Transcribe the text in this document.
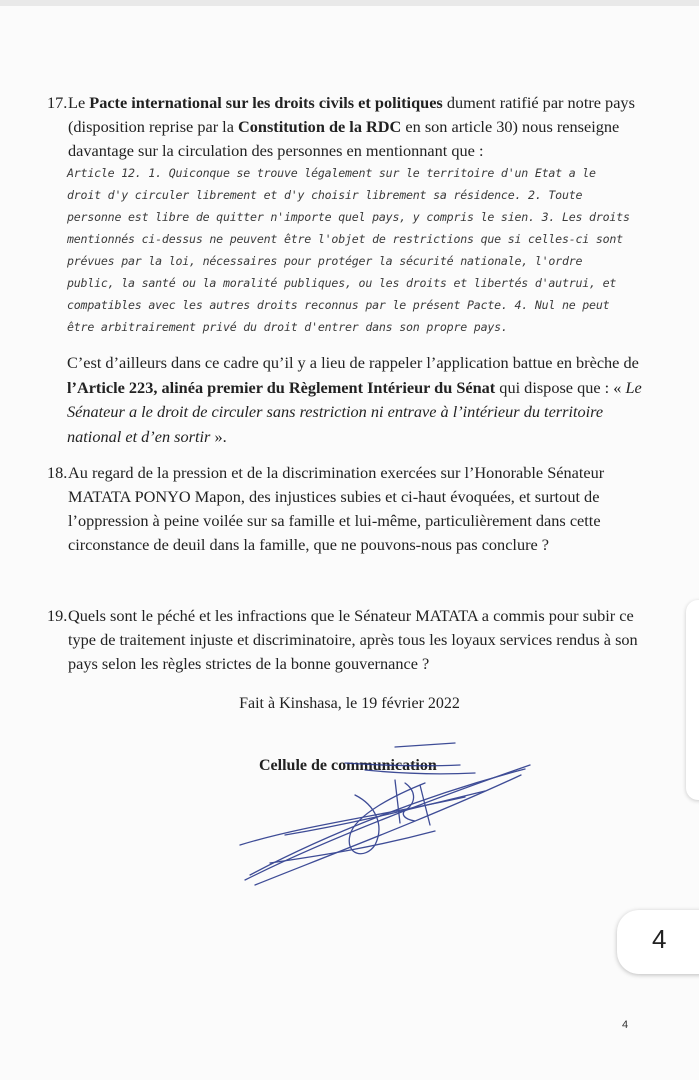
17. Le Pacte international sur les droits civils et politiques dument ratifié par notre pays (disposition reprise par la Constitution de la RDC en son article 30) nous renseigne davantage sur la circulation des personnes en mentionnant que :
Article 12. 1. Quiconque se trouve légalement sur le territoire d'un Etat a le droit d'y circuler librement et d'y choisir librement sa résidence. 2. Toute personne est libre de quitter n'importe quel pays, y compris le sien. 3. Les droits mentionnés ci-dessus ne peuvent être l'objet de restrictions que si celles-ci sont prévues par la loi, nécessaires pour protéger la sécurité nationale, l'ordre public, la santé ou la moralité publiques, ou les droits et libertés d'autrui, et compatibles avec les autres droits reconnus par le présent Pacte. 4. Nul ne peut être arbitrairement privé du droit d'entrer dans son propre pays.
C’est d’ailleurs dans ce cadre qu’il y a lieu de rappeler l’application battue en brèche de l’Article 223, alinéa premier du Règlement Intérieur du Sénat qui dispose que : « Le Sénateur a le droit de circuler sans restriction ni entrave à l’intérieur du territoire national et d’en sortir ».
18. Au regard de la pression et de la discrimination exercées sur l’Honorable Sénateur MATATA PONYO Mapon, des injustices subies et ci-haut évoquées, et surtout de l’oppression à peine voilée sur sa famille et lui-même, particulièrement dans cette circonstance de deuil dans la famille, que ne pouvons-nous pas conclure ?
19. Quels sont le péché et les infractions que le Sénateur MATATA a commis pour subir ce type de traitement injuste et discriminatoire, après tous les loyaux services rendus à son pays selon les règles strictes de la bonne gouvernance ?
Fait à Kinshasa, le 19 février 2022
Cellule de communication
4
4
